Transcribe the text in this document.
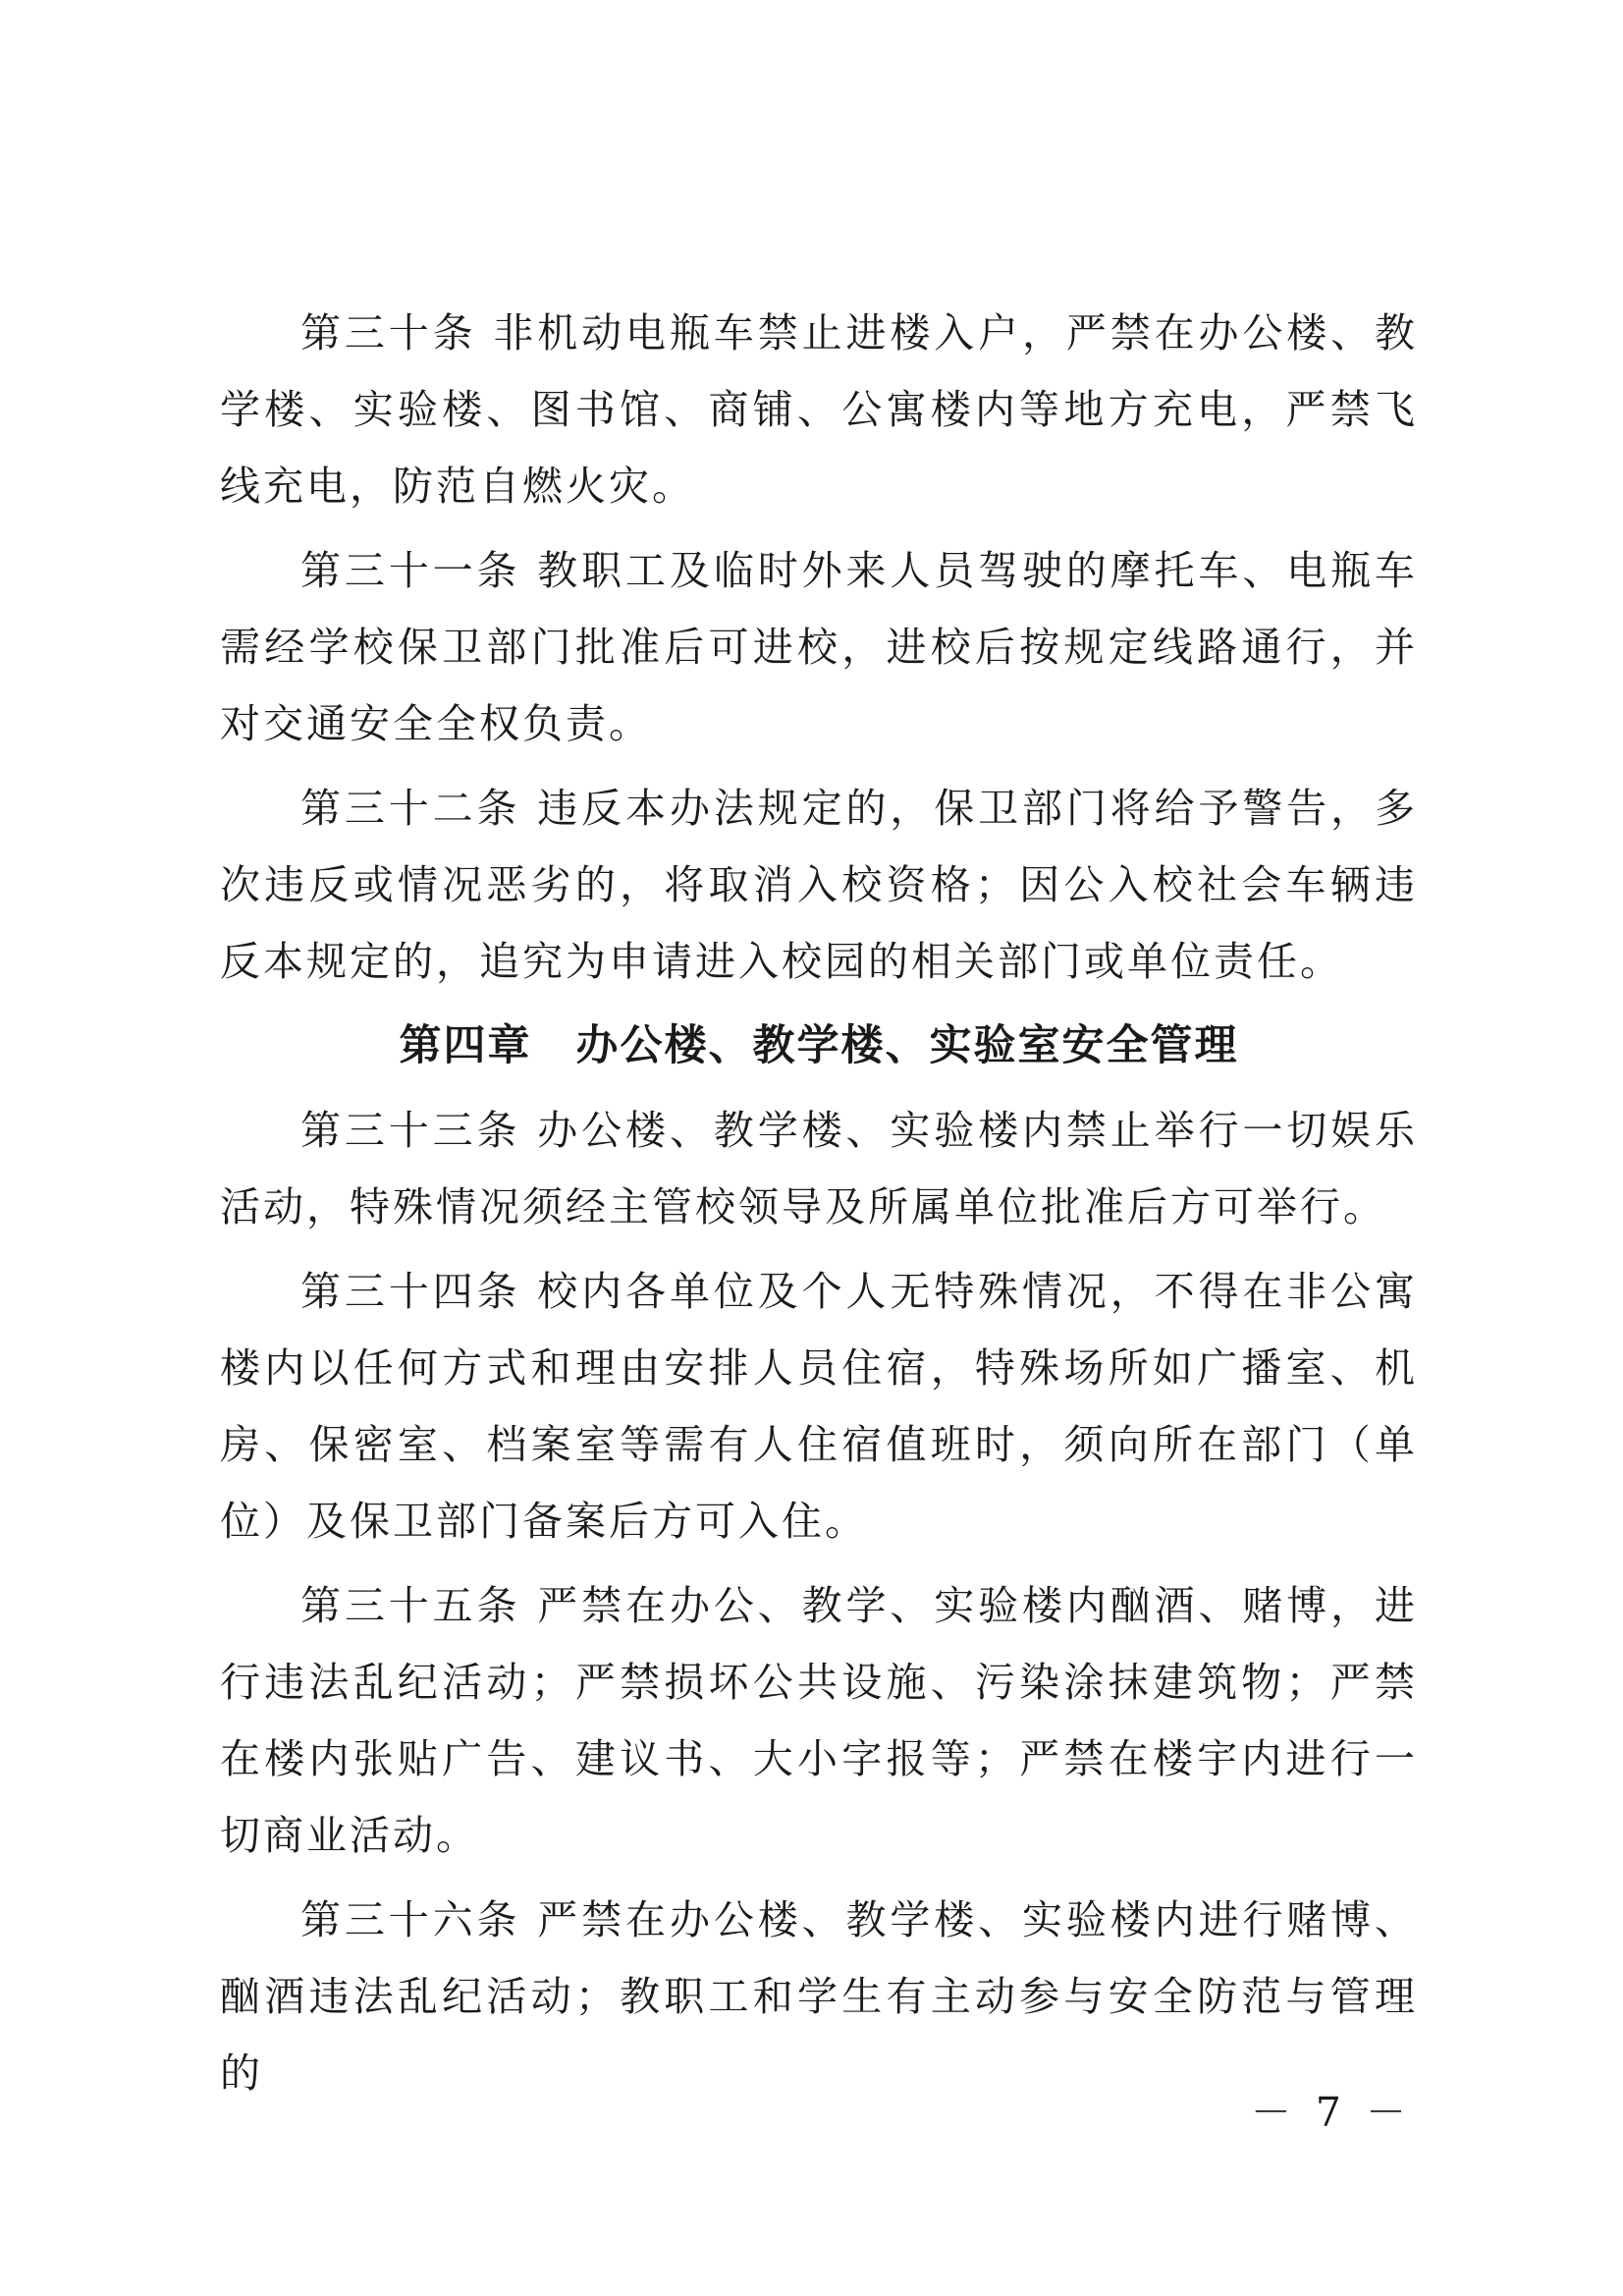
第三十条 非机动电瓶车禁止进楼入户，严禁在办公楼、教学楼、实验楼、图书馆、商铺、公寓楼内等地方充电，严禁飞线充电，防范自燃火灾。

第三十一条 教职工及临时外来人员驾驶的摩托车、电瓶车需经学校保卫部门批准后可进校，进校后按规定线路通行，并对交通安全全权负责。

第三十二条 违反本办法规定的，保卫部门将给予警告，多次违反或情况恶劣的，将取消入校资格；因公入校社会车辆违反本规定的，追究为申请进入校园的相关部门或单位责任。

第四章　办公楼、教学楼、实验室安全管理

第三十三条 办公楼、教学楼、实验楼内禁止举行一切娱乐活动，特殊情况须经主管校领导及所属单位批准后方可举行。

第三十四条 校内各单位及个人无特殊情况，不得在非公寓楼内以任何方式和理由安排人员住宿，特殊场所如广播室、机房、保密室、档案室等需有人住宿值班时，须向所在部门（单位）及保卫部门备案后方可入住。

第三十五条 严禁在办公、教学、实验楼内酗酒、赌博，进行违法乱纪活动；严禁损坏公共设施、污染涂抹建筑物；严禁在楼内张贴广告、建议书、大小字报等；严禁在楼宇内进行一切商业活动。

第三十六条 严禁在办公楼、教学楼、实验楼内进行赌博、酗酒违法乱纪活动；教职工和学生有主动参与安全防范与管理的

－ 7 －
